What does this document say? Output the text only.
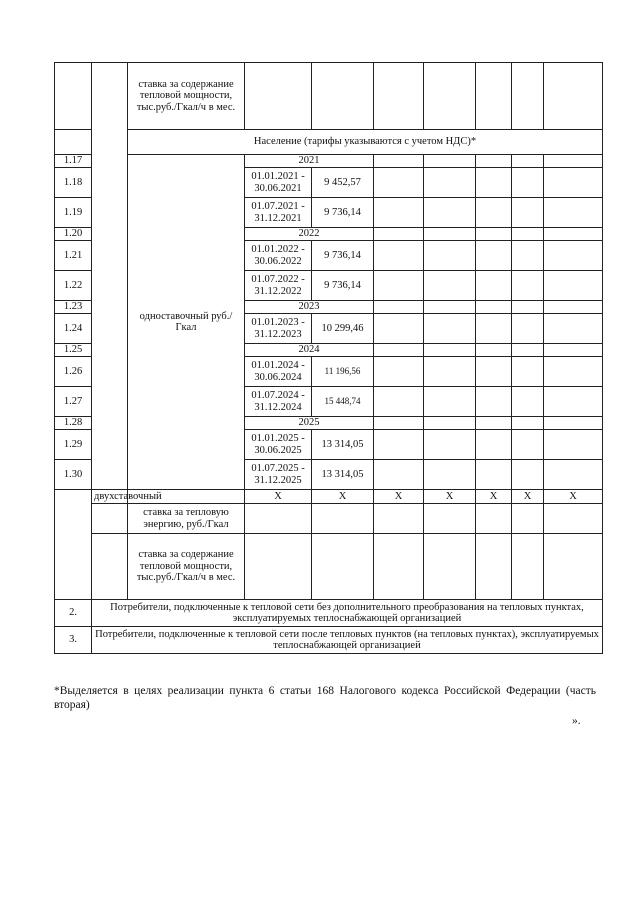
		ставка за содержание тепловой мощности, тыс.руб./Гкал/ч в мес.								
		Население (тарифы указываются с учетом НДС)*								
1.17		одноставочный руб./Гкал	2021							
1.18			01.01.2021 - 30.06.2021	9 452,57						
1.19			01.07.2021 - 31.12.2021	9 736,14						
1.20			2022							
1.21			01.01.2022 - 30.06.2022	9 736,14						
1.22			01.07.2022 - 31.12.2022	9 736,14						
1.23			2023							
1.24			01.01.2023 - 31.12.2023	10 299,46						
1.25			2024							
1.26			01.01.2024 - 30.06.2024	11 196,56						
1.27			01.07.2024 - 31.12.2024	15 448,74						
1.28			2025							
1.29			01.01.2025 - 30.06.2025	13 314,05						
1.30			01.07.2025 - 31.12.2025	13 314,05						
	двухставочный		X	X	X	X	X	X	X	
		ставка за тепловую энергию, руб./Гкал								
		ставка за содержание тепловой мощности, тыс.руб./Гкал/ч в мес.								
2.	Потребители, подключенные к тепловой сети без дополнительного преобразования на тепловых пунктах, эксплуатируемых теплоснабжающей организацией									
3.	Потребители, подключенные к тепловой сети после тепловых пунктов (на тепловых пунктах), эксплуатируемых теплоснабжающей организацией									
*Выделяется в целях реализации пункта 6 статьи 168 Налогового кодекса Российской Федерации (часть вторая)
».
